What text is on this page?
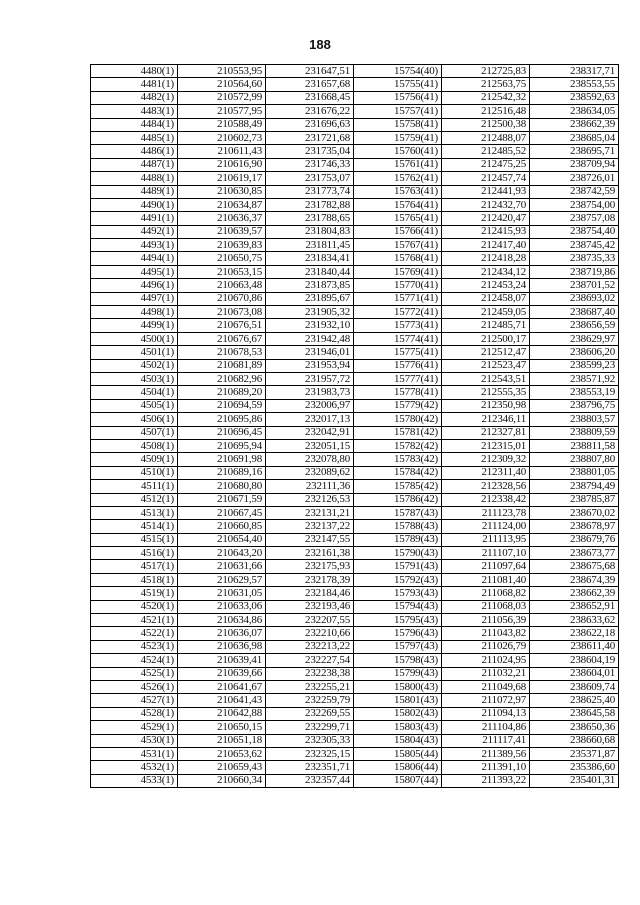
188
4480(1)	210553,95	231647,51	15754(40)	212725,83	238317,71
4481(1)	210564,60	231657,68	15755(41)	212563,75	238553,55
4482(1)	210572,99	231668,45	15756(41)	212542,32	238592,63
4483(1)	210577,95	231676,22	15757(41)	212516,48	238634,05
4484(1)	210588,49	231696,63	15758(41)	212500,38	238662,39
4485(1)	210602,73	231721,68	15759(41)	212488,07	238685,04
4486(1)	210611,43	231735,04	15760(41)	212485,52	238695,71
4487(1)	210616,90	231746,33	15761(41)	212475,25	238709,94
4488(1)	210619,17	231753,07	15762(41)	212457,74	238726,01
4489(1)	210630,85	231773,74	15763(41)	212441,93	238742,59
4490(1)	210634,87	231782,88	15764(41)	212432,70	238754,00
4491(1)	210636,37	231788,65	15765(41)	212420,47	238757,08
4492(1)	210639,57	231804,83	15766(41)	212415,93	238754,40
4493(1)	210639,83	231811,45	15767(41)	212417,40	238745,42
4494(1)	210650,75	231834,41	15768(41)	212418,28	238735,33
4495(1)	210653,15	231840,44	15769(41)	212434,12	238719,86
4496(1)	210663,48	231873,85	15770(41)	212453,24	238701,52
4497(1)	210670,86	231895,67	15771(41)	212458,07	238693,02
4498(1)	210673,08	231905,32	15772(41)	212459,05	238687,40
4499(1)	210676,51	231932,10	15773(41)	212485,71	238656,59
4500(1)	210676,67	231942,48	15774(41)	212500,17	238629,97
4501(1)	210678,53	231946,01	15775(41)	212512,47	238606,20
4502(1)	210681,89	231953,94	15776(41)	212523,47	238599,23
4503(1)	210682,96	231957,72	15777(41)	212543,51	238571,92
4504(1)	210689,20	231983,73	15778(41)	212555,35	238553,19
4505(1)	210694,59	232006,97	15779(42)	212350,98	238796,75
4506(1)	210695,86	232017,13	15780(42)	212346,11	238803,57
4507(1)	210696,45	232042,91	15781(42)	212327,81	238809,59
4508(1)	210695,94	232051,15	15782(42)	212315,01	238811,58
4509(1)	210691,98	232078,80	15783(42)	212309,32	238807,80
4510(1)	210689,16	232089,62	15784(42)	212311,40	238801,05
4511(1)	210680,80	232111,36	15785(42)	212328,56	238794,49
4512(1)	210671,59	232126,53	15786(42)	212338,42	238785,87
4513(1)	210667,45	232131,21	15787(43)	211123,78	238670,02
4514(1)	210660,85	232137,22	15788(43)	211124,00	238678,97
4515(1)	210654,40	232147,55	15789(43)	211113,95	238679,76
4516(1)	210643,20	232161,38	15790(43)	211107,10	238673,77
4517(1)	210631,66	232175,93	15791(43)	211097,64	238675,68
4518(1)	210629,57	232178,39	15792(43)	211081,40	238674,39
4519(1)	210631,05	232184,46	15793(43)	211068,82	238662,39
4520(1)	210633,06	232193,46	15794(43)	211068,03	238652,91
4521(1)	210634,86	232207,55	15795(43)	211056,39	238633,62
4522(1)	210636,07	232210,66	15796(43)	211043,82	238622,18
4523(1)	210636,98	232213,22	15797(43)	211026,79	238611,40
4524(1)	210639,41	232227,54	15798(43)	211024,95	238604,19
4525(1)	210639,66	232238,38	15799(43)	211032,21	238604,01
4526(1)	210641,67	232255,21	15800(43)	211049,68	238609,74
4527(1)	210641,43	232259,79	15801(43)	211072,97	238625,40
4528(1)	210642,88	232269,55	15802(43)	211094,13	238645,58
4529(1)	210650,15	232299,71	15803(43)	211104,86	238650,36
4530(1)	210651,18	232305,33	15804(43)	211117,41	238660,68
4531(1)	210653,62	232325,15	15805(44)	211389,56	235371,87
4532(1)	210659,43	232351,71	15806(44)	211391,10	235386,60
4533(1)	210660,34	232357,44	15807(44)	211393,22	235401,31
